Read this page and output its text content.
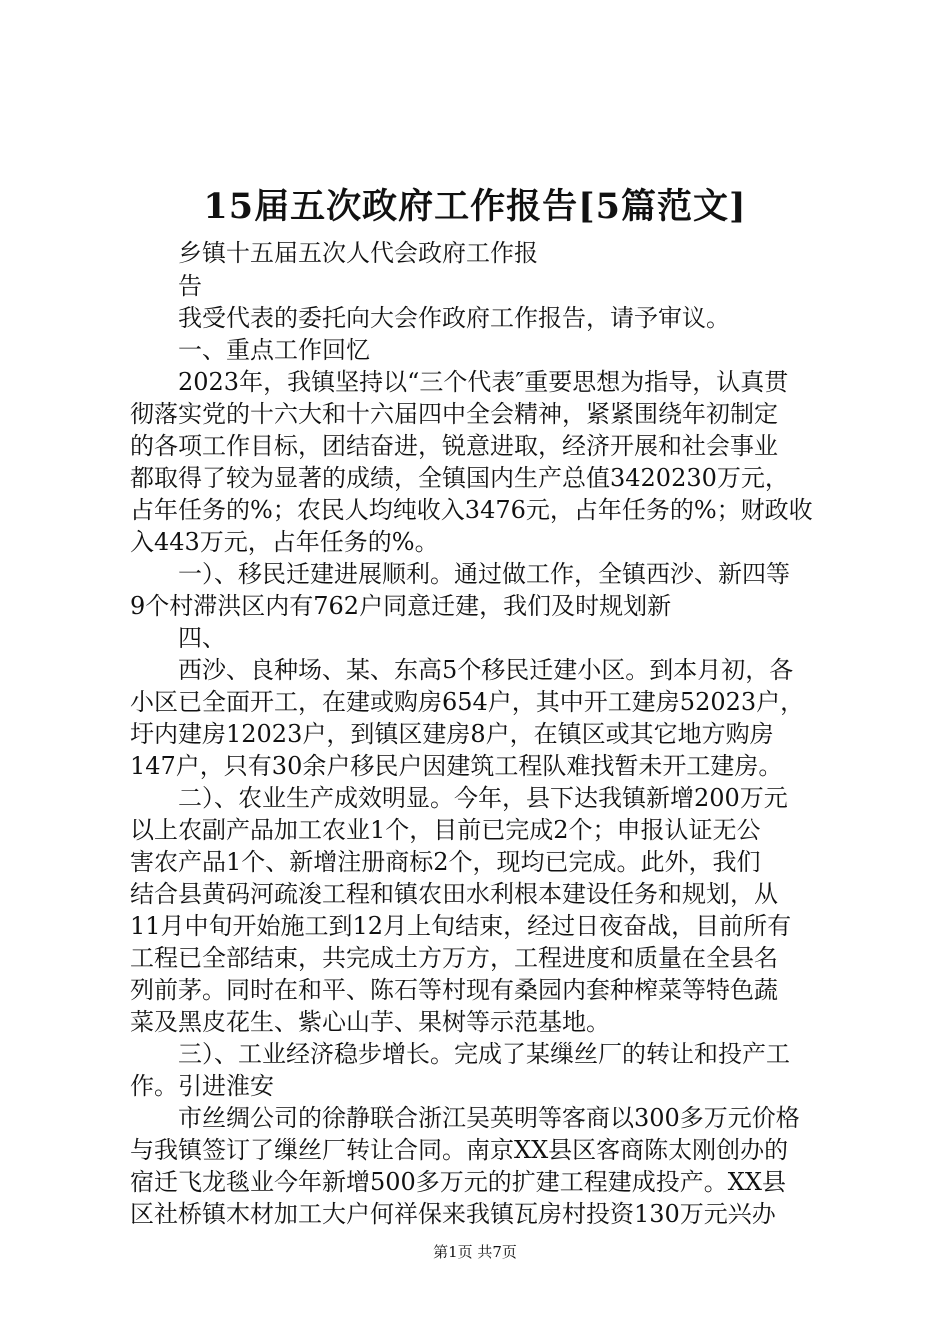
15届五次政府工作报告[5篇范文]
乡镇十五届五次人代会政府工作报
告
我受代表的委托向大会作政府工作报告，请予审议。
一、重点工作回忆
2023年，我镇坚持以“三个代表″重要思想为指导，认真贯
彻落实党的十六大和十六届四中全会精神，紧紧围绕年初制定
的各项工作目标，团结奋进，锐意进取，经济开展和社会事业
都取得了较为显著的成绩，全镇国内生产总值3420230万元，
占年任务的%；农民人均纯收入3476元，占年任务的%；财政收
入443万元，占年任务的%。
一）、移民迁建进展顺利。通过做工作，全镇西沙、新四等
9个村滞洪区内有762户同意迁建，我们及时规划新
四、
西沙、良种场、某、东高5个移民迁建小区。到本月初，各
小区已全面开工，在建或购房654户，其中开工建房52023户，
圩内建房12023户，到镇区建房8户，在镇区或其它地方购房
147户，只有30余户移民户因建筑工程队难找暂未开工建房。
二）、农业生产成效明显。今年，县下达我镇新增200万元
以上农副产品加工农业1个，目前已完成2个；申报认证无公
害农产品1个、新增注册商标2个，现均已完成。此外，我们
结合县黄码河疏浚工程和镇农田水利根本建设任务和规划，从
11月中旬开始施工到12月上旬结束，经过日夜奋战，目前所有
工程已全部结束，共完成土方万方，工程进度和质量在全县名
列前茅。同时在和平、陈石等村现有桑园内套种榨菜等特色蔬
菜及黑皮花生、紫心山芋、果树等示范基地。
三）、工业经济稳步增长。完成了某缫丝厂的转让和投产工
作。引进淮安
市丝绸公司的徐静联合浙江吴英明等客商以300多万元价格
与我镇签订了缫丝厂转让合同。南京XX县区客商陈太刚创办的
宿迁飞龙毯业今年新增500多万元的扩建工程建成投产。XX县
区社桥镇木材加工大户何祥保来我镇瓦房村投资130万元兴办
第1页 共7页
